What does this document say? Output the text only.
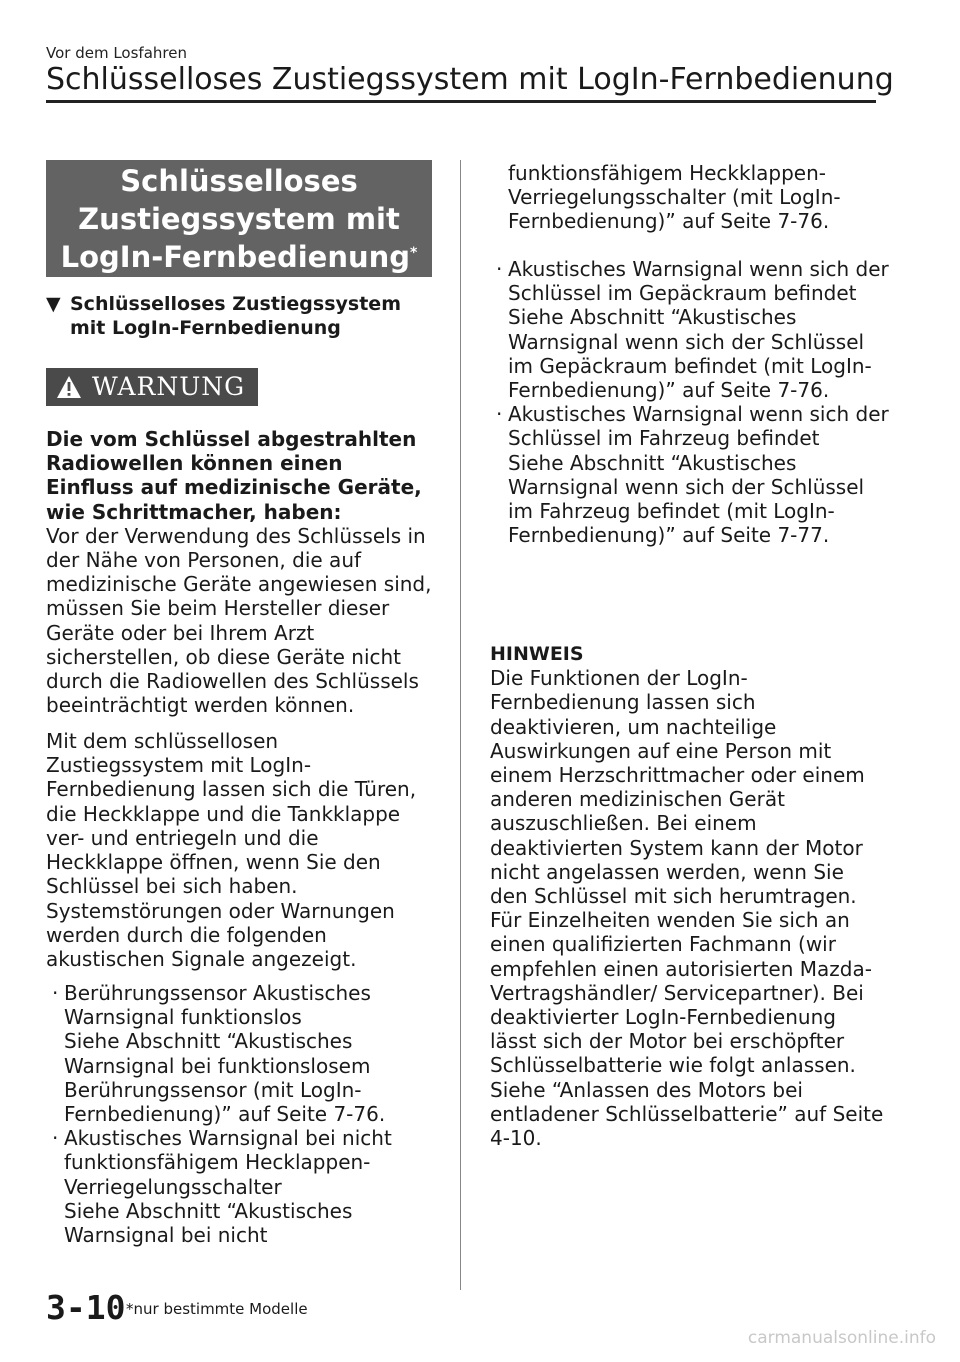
Vor dem Losfahren
Schlüsselloses Zustiegssystem mit LogIn-Fernbedienung
Schlüsselloses
Zustiegssystem mit
LogIn-Fernbedienung*
▼ Schlüsselloses Zustiegssystem mit LogIn-Fernbedienung
WARNUNG

Die vom Schlüssel abgestrahlten Radiowellen können einen Einfluss auf medizinische Geräte, wie Schrittmacher, haben:

Vor der Verwendung des Schlüssels in der Nähe von Personen, die auf medizinische Geräte angewiesen sind, müssen Sie beim Hersteller dieser Geräte oder bei Ihrem Arzt sicherstellen, ob diese Geräte nicht durch die Radiowellen des Schlüssels beeinträchtigt werden können.

Mit dem schlüssellosen Zustiegssystem mit LogIn-Fernbedienung lassen sich die Türen, die Heckklappe und die Tankklappe ver- und entriegeln und die Heckklappe öffnen, wenn Sie den Schlüssel bei sich haben.
Systemstörungen oder Warnungen werden durch die folgenden akustischen Signale angezeigt.
· Berührungssensor Akustisches Warnsignal funktionslos
Siehe Abschnitt “Akustisches Warnsignal bei funktionslosem Berührungssensor (mit LogIn-Fernbedienung)” auf Seite 7-76.
· Akustisches Warnsignal bei nicht funktionsfähigem Hecklappen-Verriegelungsschalter
Siehe Abschnitt “Akustisches Warnsignal bei nicht
funktionsfähigem Heckklappen-Verriegelungsschalter (mit LogIn-Fernbedienung)” auf Seite 7-76.
· Akustisches Warnsignal wenn sich der Schlüssel im Gepäckraum befindet
Siehe Abschnitt “Akustisches Warnsignal wenn sich der Schlüssel im Gepäckraum befindet (mit LogIn-Fernbedienung)” auf Seite 7-76.
· Akustisches Warnsignal wenn sich der Schlüssel im Fahrzeug befindet
Siehe Abschnitt “Akustisches Warnsignal wenn sich der Schlüssel im Fahrzeug befindet (mit LogIn-Fernbedienung)” auf Seite 7-77.

HINWEIS

Die Funktionen der LogIn-Fernbedienung lassen sich deaktivieren, um nachteilige Auswirkungen auf eine Person mit einem Herzschrittmacher oder einem anderen medizinischen Gerät auszuschließen. Bei einem deaktivierten System kann der Motor nicht angelassen werden, wenn Sie den Schlüssel mit sich herumtragen. Für Einzelheiten wenden Sie sich an einen qualifizierten Fachmann (wir empfehlen einen autorisierten Mazda-Vertragshändler/ Servicepartner). Bei deaktivierter LogIn-Fernbedienung lässt sich der Motor bei erschöpfter Schlüsselbatterie wie folgt anlassen.
Siehe “Anlassen des Motors bei entladener Schlüsselbatterie” auf Seite 4-10.

3-10 *nur bestimmte Modelle
carmanualsonline.info
